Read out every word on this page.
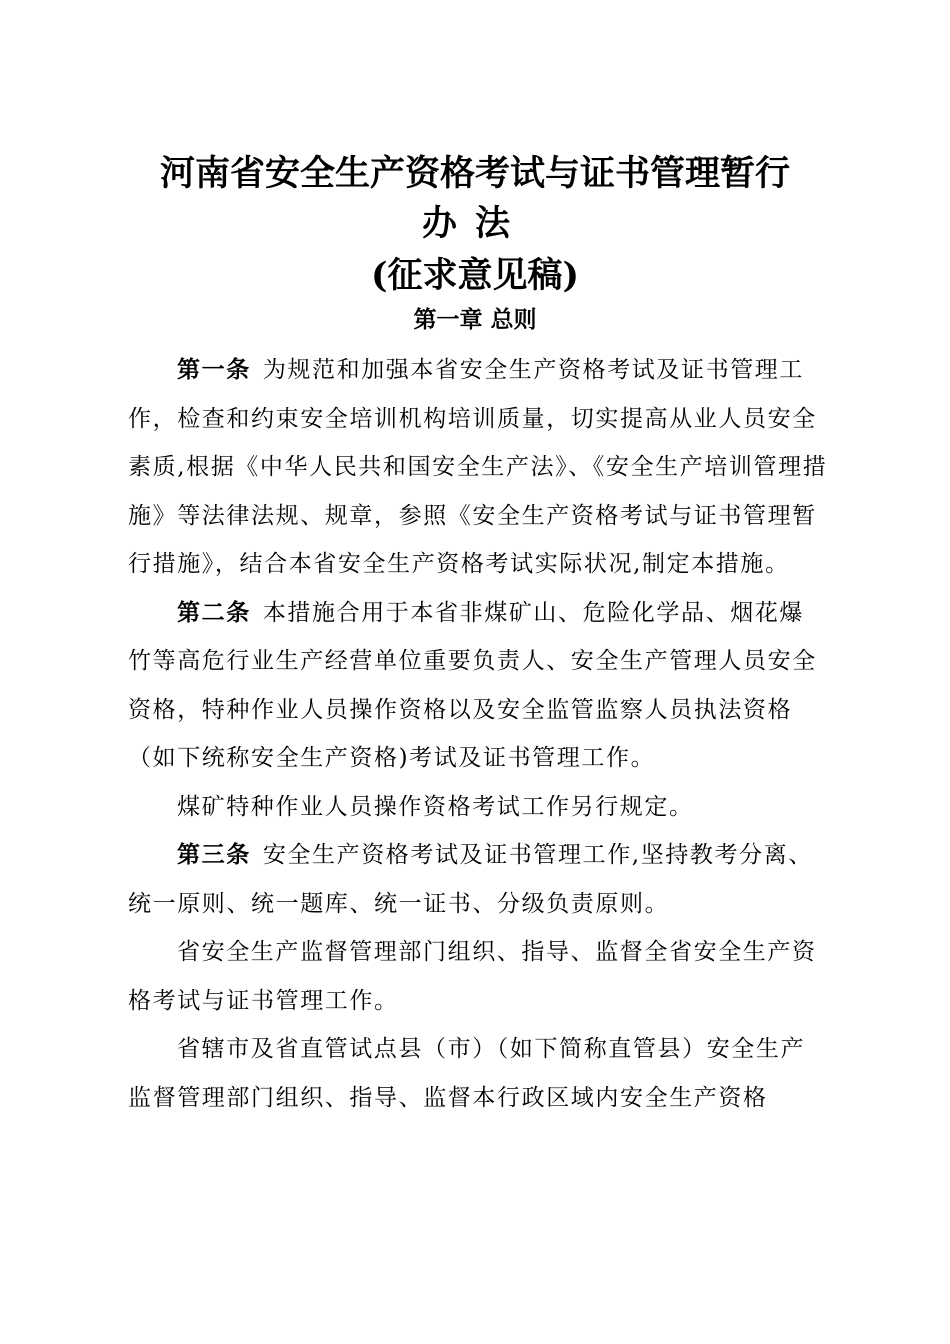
河南省安全生产资格考试与证书管理暂行
办法
(征求意见稿)
第一章 总则

第一条 为规范和加强本省安全生产资格考试及证书管理工作，检查和约束安全培训机构培训质量，切实提高从业人员安全素质,根据《中华人民共和国安全生产法》、《安全生产培训管理措施》等法律法规、规章，参照《安全生产资格考试与证书管理暂行措施》，结合本省安全生产资格考试实际状况,制定本措施。

第二条 本措施合用于本省非煤矿山、危险化学品、烟花爆竹等高危行业生产经营单位重要负责人、安全生产管理人员安全资格，特种作业人员操作资格以及安全监管监察人员执法资格（如下统称安全生产资格)考试及证书管理工作。

煤矿特种作业人员操作资格考试工作另行规定。

第三条 安全生产资格考试及证书管理工作,坚持教考分离、统一原则、统一题库、统一证书、分级负责原则。

省安全生产监督管理部门组织、指导、监督全省安全生产资格考试与证书管理工作。

省辖市及省直管试点县（市）（如下简称直管县）安全生产监督管理部门组织、指导、监督本行政区域内安全生产资格
